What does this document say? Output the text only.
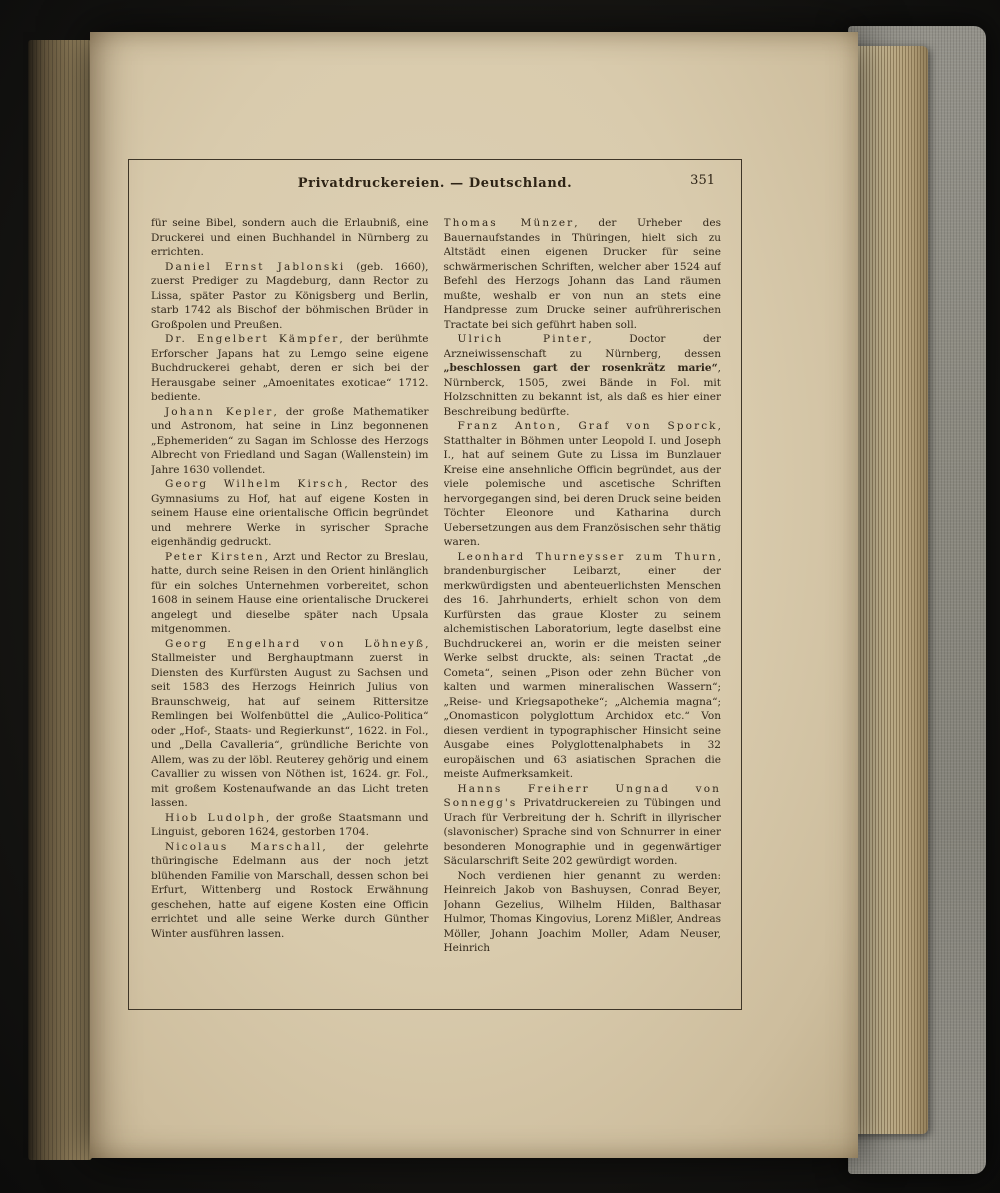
Privatdruckereien. — Deutschland.	351

für seine Bibel, sondern auch die Erlaubniß, eine Druckerei und einen Buchhandel in Nürnberg zu errichten.

Daniel Ernst Jablonski (geb. 1660), zuerst Prediger zu Magdeburg, dann Rector zu Lissa, später Pastor zu Königsberg und Berlin, starb 1742 als Bischof der böhmischen Brüder in Großpolen und Preußen.

Dr. Engelbert Kämpfer, der berühmte Erforscher Japans hat zu Lemgo seine eigene Buchdruckerei gehabt, deren er sich bei der Herausgabe seiner „Amoenitates exoticae“ 1712. bediente.

Johann Kepler, der große Mathematiker und Astronom, hat seine in Linz begonnenen „Ephemeriden“ zu Sagan im Schlosse des Herzogs Albrecht von Friedland und Sagan (Wallenstein) im Jahre 1630 vollendet.

Georg Wilhelm Kirsch, Rector des Gymnasiums zu Hof, hat auf eigene Kosten in seinem Hause eine orientalische Officin begründet und mehrere Werke in syrischer Sprache eigenhändig gedruckt.

Peter Kirsten, Arzt und Rector zu Breslau, hatte, durch seine Reisen in den Orient hinlänglich für ein solches Unternehmen vorbereitet, schon 1608 in seinem Hause eine orientalische Druckerei angelegt und dieselbe später nach Upsala mitgenommen.

Georg Engelhard von Löhneyß, Stallmeister und Berghauptmann zuerst in Diensten des Kurfürsten August zu Sachsen und seit 1583 des Herzogs Heinrich Julius von Braunschweig, hat auf seinem Rittersitze Remlingen bei Wolfenbüttel die „Aulico-Politica“ oder „Hof-, Staats- und Regierkunst“, 1622. in Fol., und „Della Cavalleria“, gründliche Berichte von Allem, was zu der löbl. Reuterey gehörig und einem Cavallier zu wissen von Nöthen ist, 1624. gr. Fol., mit großem Kostenaufwande an das Licht treten lassen.

Hiob Ludolph, der große Staatsmann und Linguist, geboren 1624, gestorben 1704.

Nicolaus Marschall, der gelehrte thüringische Edelmann aus der noch jetzt blühenden Familie von Marschall, dessen schon bei Erfurt, Wittenberg und Rostock Erwähnung geschehen, hatte auf eigene Kosten eine Officin errichtet und alle seine Werke durch Günther Winter ausführen lassen.

Thomas Münzer, der Urheber des Bauernaufstandes in Thüringen, hielt sich zu Altstädt einen eigenen Drucker für seine schwärmerischen Schriften, welcher aber 1524 auf Befehl des Herzogs Johann das Land räumen mußte, weshalb er von nun an stets eine Handpresse zum Drucke seiner aufrührerischen Tractate bei sich geführt haben soll.

Ulrich Pinter, Doctor der Arzneiwissenschaft zu Nürnberg, dessen „beschlossen gart der rosenkrätz marie“, Nürnberck, 1505, zwei Bände in Fol. mit Holzschnitten zu bekannt ist, als daß es hier einer Beschreibung bedürfte.

Franz Anton, Graf von Sporck, Statthalter in Böhmen unter Leopold I. und Joseph I., hat auf seinem Gute zu Lissa im Bunzlauer Kreise eine ansehnliche Officin begründet, aus der viele polemische und ascetische Schriften hervorgegangen sind, bei deren Druck seine beiden Töchter Eleonore und Katharina durch Uebersetzungen aus dem Französischen sehr thätig waren.

Leonhard Thurneysser zum Thurn, brandenburgischer Leibarzt, einer der merkwürdigsten und abenteuerlichsten Menschen des 16. Jahrhunderts, erhielt schon von dem Kurfürsten das graue Kloster zu seinem alchemistischen Laboratorium, legte daselbst eine Buchdruckerei an, worin er die meisten seiner Werke selbst druckte, als: seinen Tractat „de Cometa“, seinen „Pison oder zehn Bücher von kalten und warmen mineralischen Wassern“; „Reise- und Kriegsapotheke“; „Alchemia magna“; „Onomasticon polyglottum Archidox etc.“ Von diesen verdient in typographischer Hinsicht seine Ausgabe eines Polyglottenalphabets in 32 europäischen und 63 asiatischen Sprachen die meiste Aufmerksamkeit.

Hanns Freiherr Ungnad von Sonnegg's Privatdruckereien zu Tübingen und Urach für Verbreitung der h. Schrift in illyrischer (slavonischer) Sprache sind von Schnurrer in einer besonderen Monographie und in gegenwärtiger Säcularschrift Seite 202 gewürdigt worden.

Noch verdienen hier genannt zu werden: Heinreich Jakob von Bashuysen, Conrad Beyer, Johann Gezelius, Wilhelm Hilden, Balthasar Hulmor, Thomas Kingovius, Lorenz Mißler, Andreas Möller, Johann Joachim Moller, Adam Neuser, Heinrich
